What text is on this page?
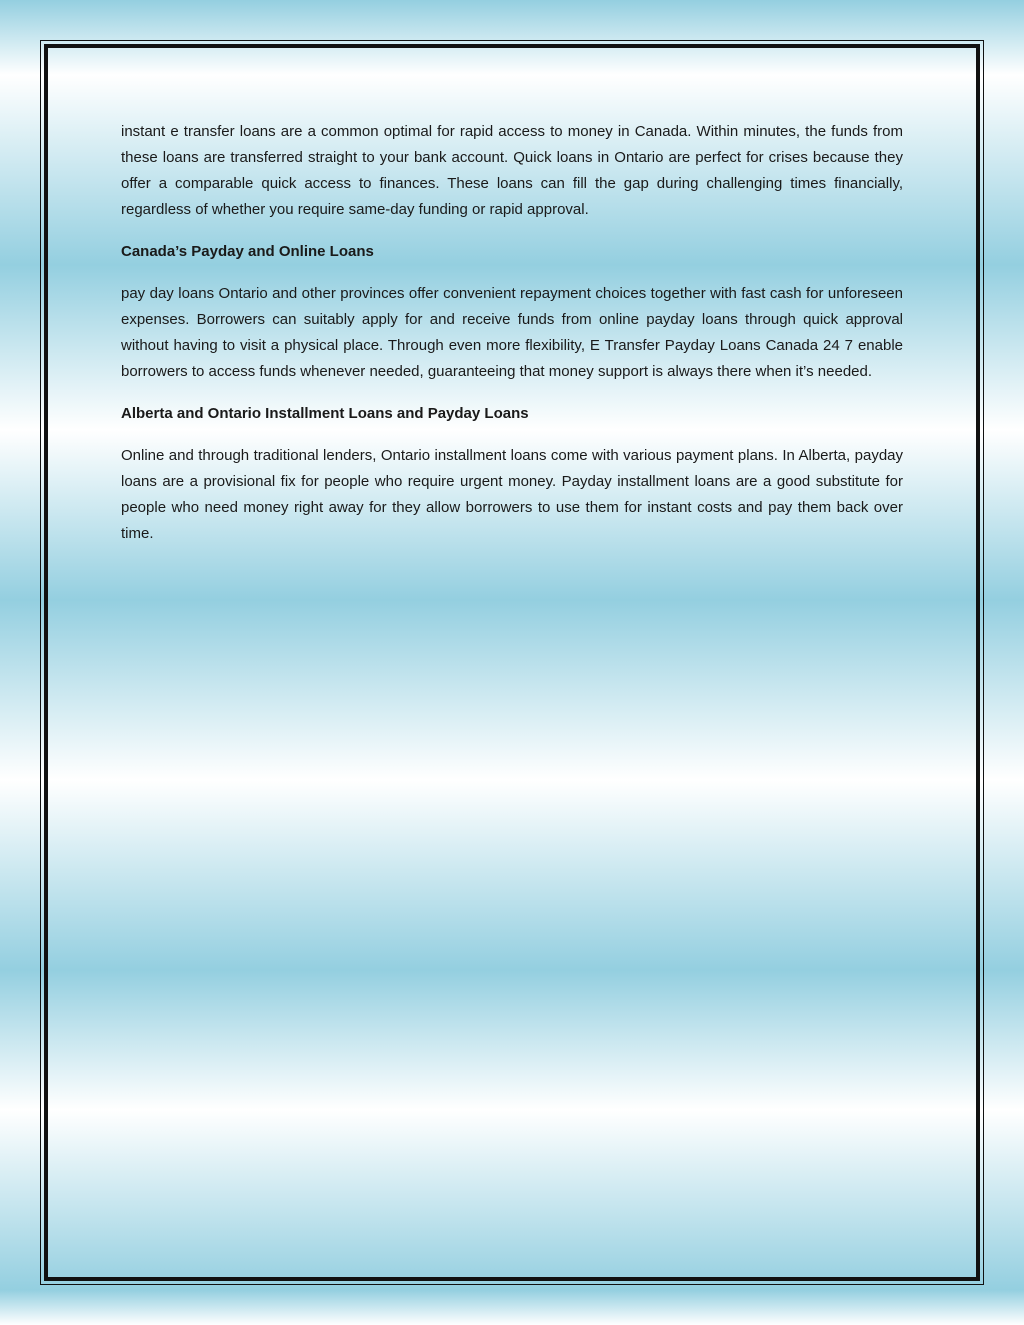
instant e transfer loans are a common optimal for rapid access to money in Canada. Within minutes, the funds from these loans are transferred straight to your bank account. Quick loans in Ontario are perfect for crises because they offer a comparable quick access to finances. These loans can fill the gap during challenging times financially, regardless of whether you require same-day funding or rapid approval.

Canada’s Payday and Online Loans

pay day loans Ontario and other provinces offer convenient repayment choices together with fast cash for unforeseen expenses. Borrowers can suitably apply for and receive funds from online payday loans through quick approval without having to visit a physical place. Through even more flexibility, E Transfer Payday Loans Canada 24 7 enable borrowers to access funds whenever needed, guaranteeing that money support is always there when it’s needed.

Alberta and Ontario Installment Loans and Payday Loans

Online and through traditional lenders, Ontario installment loans come with various payment plans. In Alberta, payday loans are a provisional fix for people who require urgent money. Payday installment loans are a good substitute for people who need money right away for they allow borrowers to use them for instant costs and pay them back over time.
